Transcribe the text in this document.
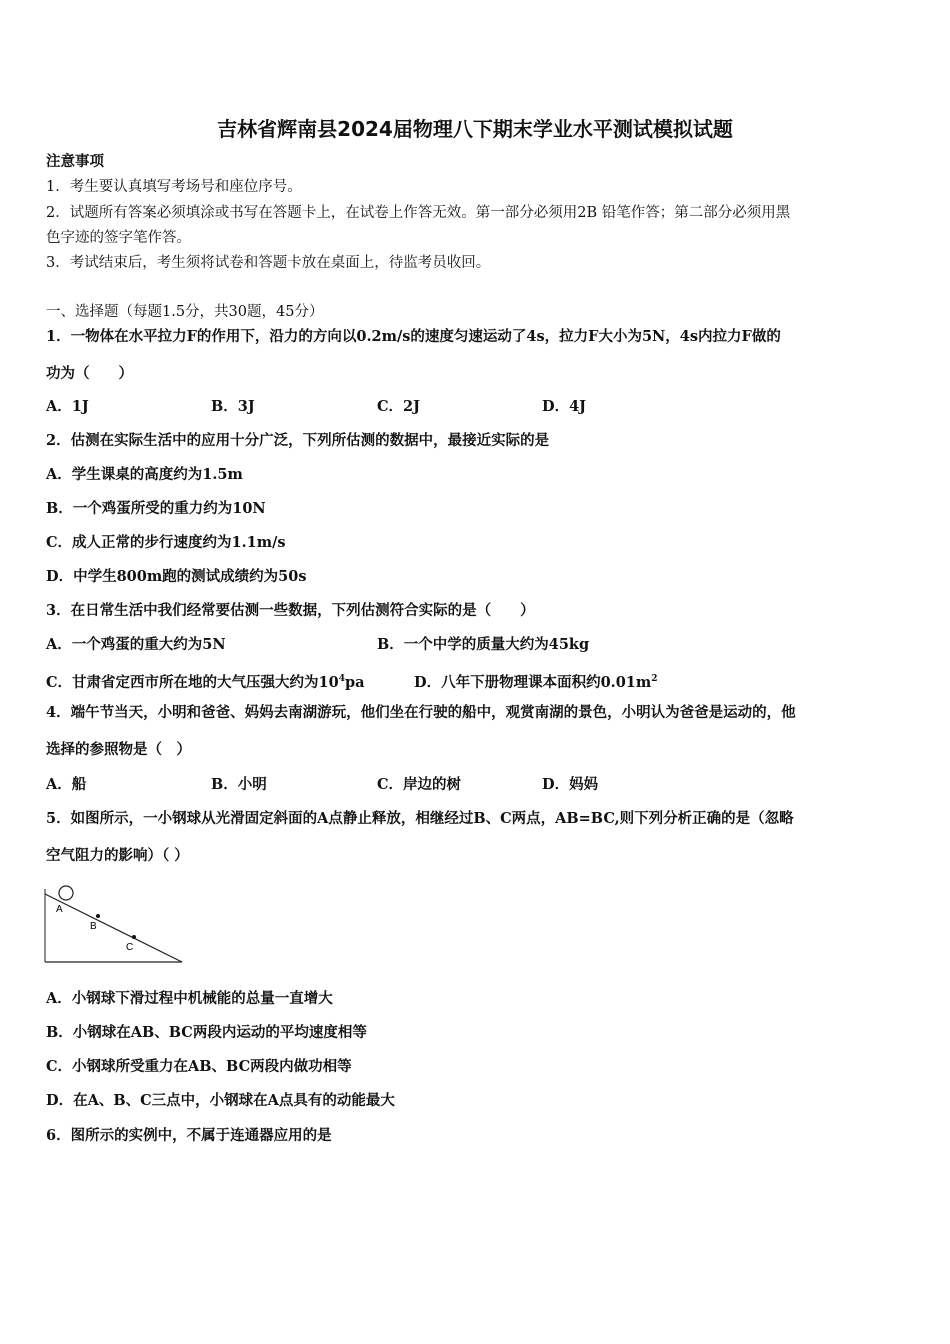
吉林省辉南县2024届物理八下期末学业水平测试模拟试题
注意事项
1．考生要认真填写考场号和座位序号。
2．试题所有答案必须填涂或书写在答题卡上，在试卷上作答无效。第一部分必须用2B 铅笔作答；第二部分必须用黑
色字迹的签字笔作答。
3．考试结束后，考生须将试卷和答题卡放在桌面上，待监考员收回。
一、选择题（每题1.5分，共30题，45分）
1．一物体在水平拉力F的作用下，沿力的方向以0.2m/s的速度匀速运动了4s，拉力F大小为5N，4s内拉力F做的
功为（　　）
A．1J	B．3J	C．2J	D．4J
2．估测在实际生活中的应用十分广泛，下列所估测的数据中，最接近实际的是
A．学生课桌的高度约为1.5m
B．一个鸡蛋所受的重力约为10N
C．成人正常的步行速度约为1.1m/s
D．中学生800m跑的测试成绩约为50s
3．在日常生活中我们经常要估测一些数据，下列估测符合实际的是（　　）
A．一个鸡蛋的重大约为5N	B．一个中学的质量大约为45kg
C．甘肃省定西市所在地的大气压强大约为$10^4pa$	D．八年下册物理课本面积约$0.01m^2$
4．端午节当天，小明和爸爸、妈妈去南湖游玩，他们坐在行驶的船中，观赏南湖的景色，小明认为爸爸是运动的，他
选择的参照物是（　）
A．船	B．小明	C．岸边的树	D．妈妈
5．如图所示，一小钢球从光滑固定斜面的A点静止释放，相继经过B、C两点，AB=BC,则下列分析正确的是（忽略
空气阻力的影响）（ ）
A
B
C
A．小钢球下滑过程中机械能的总量一直增大
B．小钢球在AB、BC两段内运动的平均速度相等
C．小钢球所受重力在AB、BC两段内做功相等
D．在A、B、C三点中，小钢球在A点具有的动能最大
6．图所示的实例中，不属于连通器应用的是
